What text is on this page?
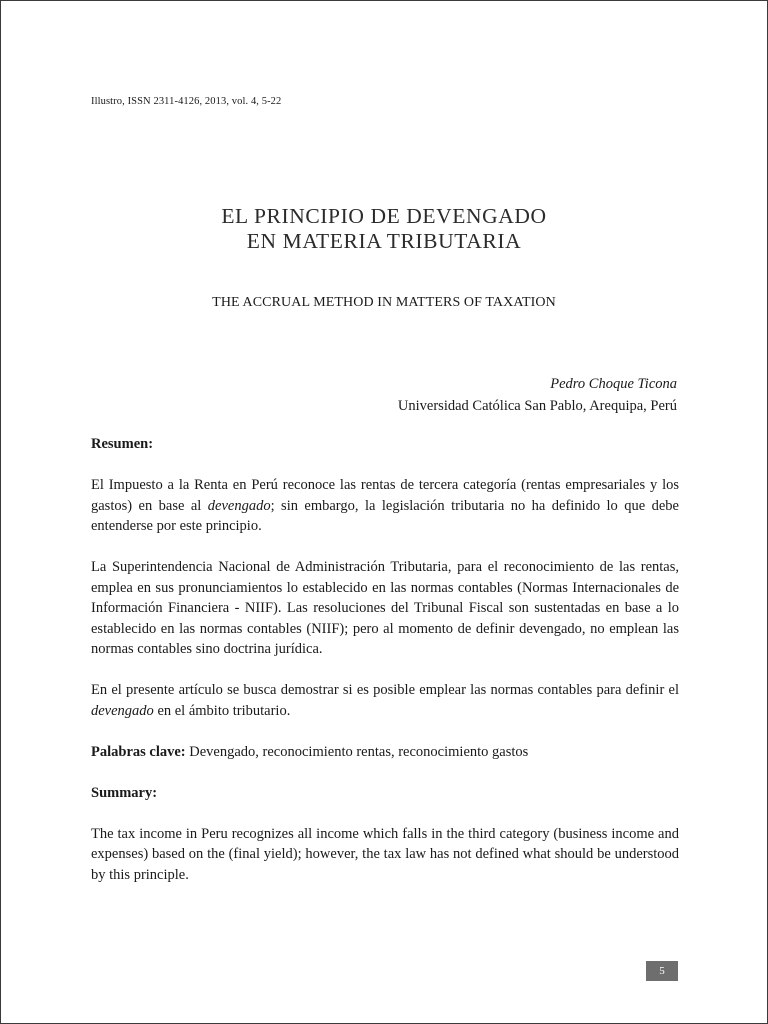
Illustro, ISSN 2311-4126, 2013, vol. 4, 5-22
EL PRINCIPIO DE DEVENGADO
EN MATERIA TRIBUTARIA
THE ACCRUAL METHOD IN MATTERS OF TAXATION
Pedro Choque Ticona
Universidad Católica San Pablo, Arequipa, Perú

Resumen:

El Impuesto a la Renta en Perú reconoce las rentas de tercera categoría (rentas empresariales y los gastos) en base al devengado; sin embargo, la legislación tributaria no ha definido lo que debe entenderse por este principio.

La Superintendencia Nacional de Administración Tributaria, para el reconocimiento de las rentas, emplea en sus pronunciamientos lo establecido en las normas contables (Normas Internacionales de Información Financiera - NIIF). Las resoluciones del Tribunal Fiscal son sustentadas en base a lo establecido en las normas contables (NIIF); pero al momento de definir devengado, no emplean las normas contables sino doctrina jurídica.

En el presente artículo se busca demostrar si es posible emplear las normas contables para definir el devengado en el ámbito tributario.

Palabras clave: Devengado, reconocimiento rentas, reconocimiento gastos

Summary:

The tax income in Peru recognizes all income which falls in the third category (business income and expenses) based on the (final yield); however, the tax law has not defined what should be understood by this principle.

5
